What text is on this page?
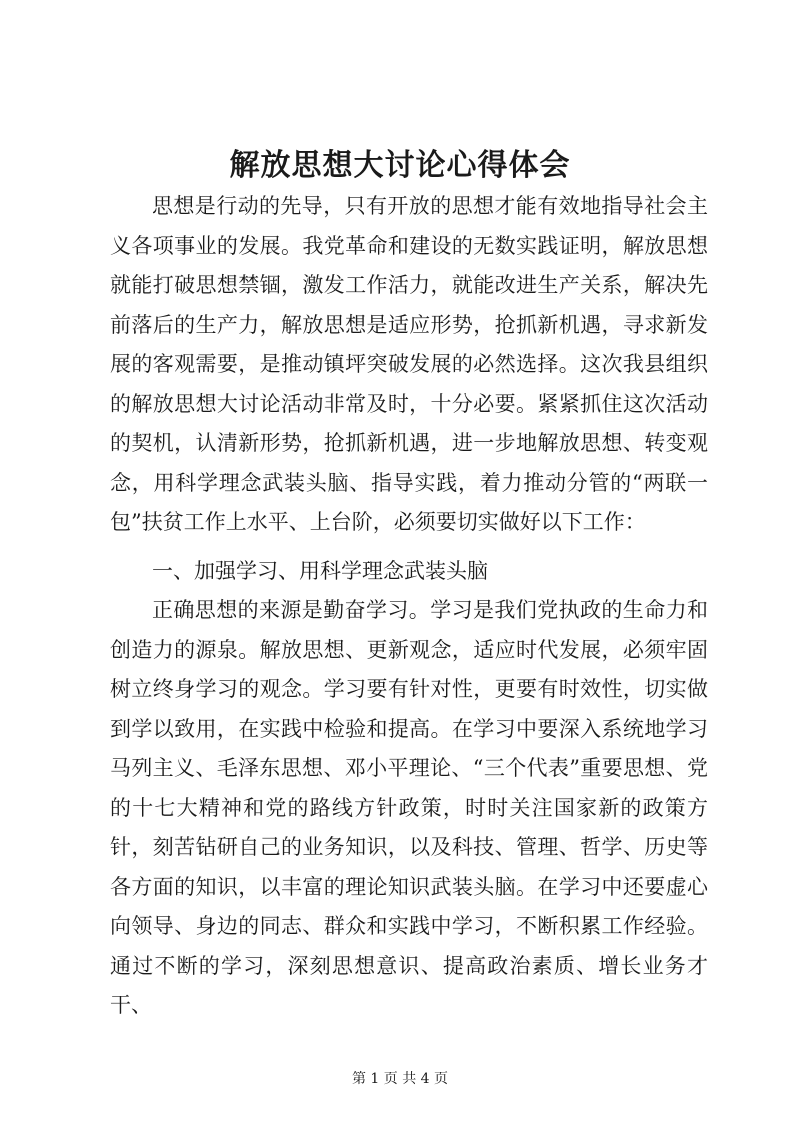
解放思想大讨论心得体会

思想是行动的先导，只有开放的思想才能有效地指导社会主义各项事业的发展。我党革命和建设的无数实践证明，解放思想就能打破思想禁锢，激发工作活力，就能改进生产关系，解决先前落后的生产力，解放思想是适应形势，抢抓新机遇，寻求新发展的客观需要，是推动镇坪突破发展的必然选择。这次我县组织的解放思想大讨论活动非常及时，十分必要。紧紧抓住这次活动的契机，认清新形势，抢抓新机遇，进一步地解放思想、转变观念，用科学理念武装头脑、指导实践，着力推动分管的“两联一包”扶贫工作上水平、上台阶，必须要切实做好以下工作：

一、加强学习、用科学理念武装头脑

正确思想的来源是勤奋学习。学习是我们党执政的生命力和创造力的源泉。解放思想、更新观念，适应时代发展，必须牢固树立终身学习的观念。学习要有针对性，更要有时效性，切实做到学以致用，在实践中检验和提高。在学习中要深入系统地学习马列主义、毛泽东思想、邓小平理论、“三个代表”重要思想、党的十七大精神和党的路线方针政策，时时关注国家新的政策方针，刻苦钻研自己的业务知识，以及科技、管理、哲学、历史等各方面的知识，以丰富的理论知识武装头脑。在学习中还要虚心向领导、身边的同志、群众和实践中学习，不断积累工作经验。通过不断的学习，深刻思想意识、提高政治素质、增长业务才干、

第 1 页 共 4 页
